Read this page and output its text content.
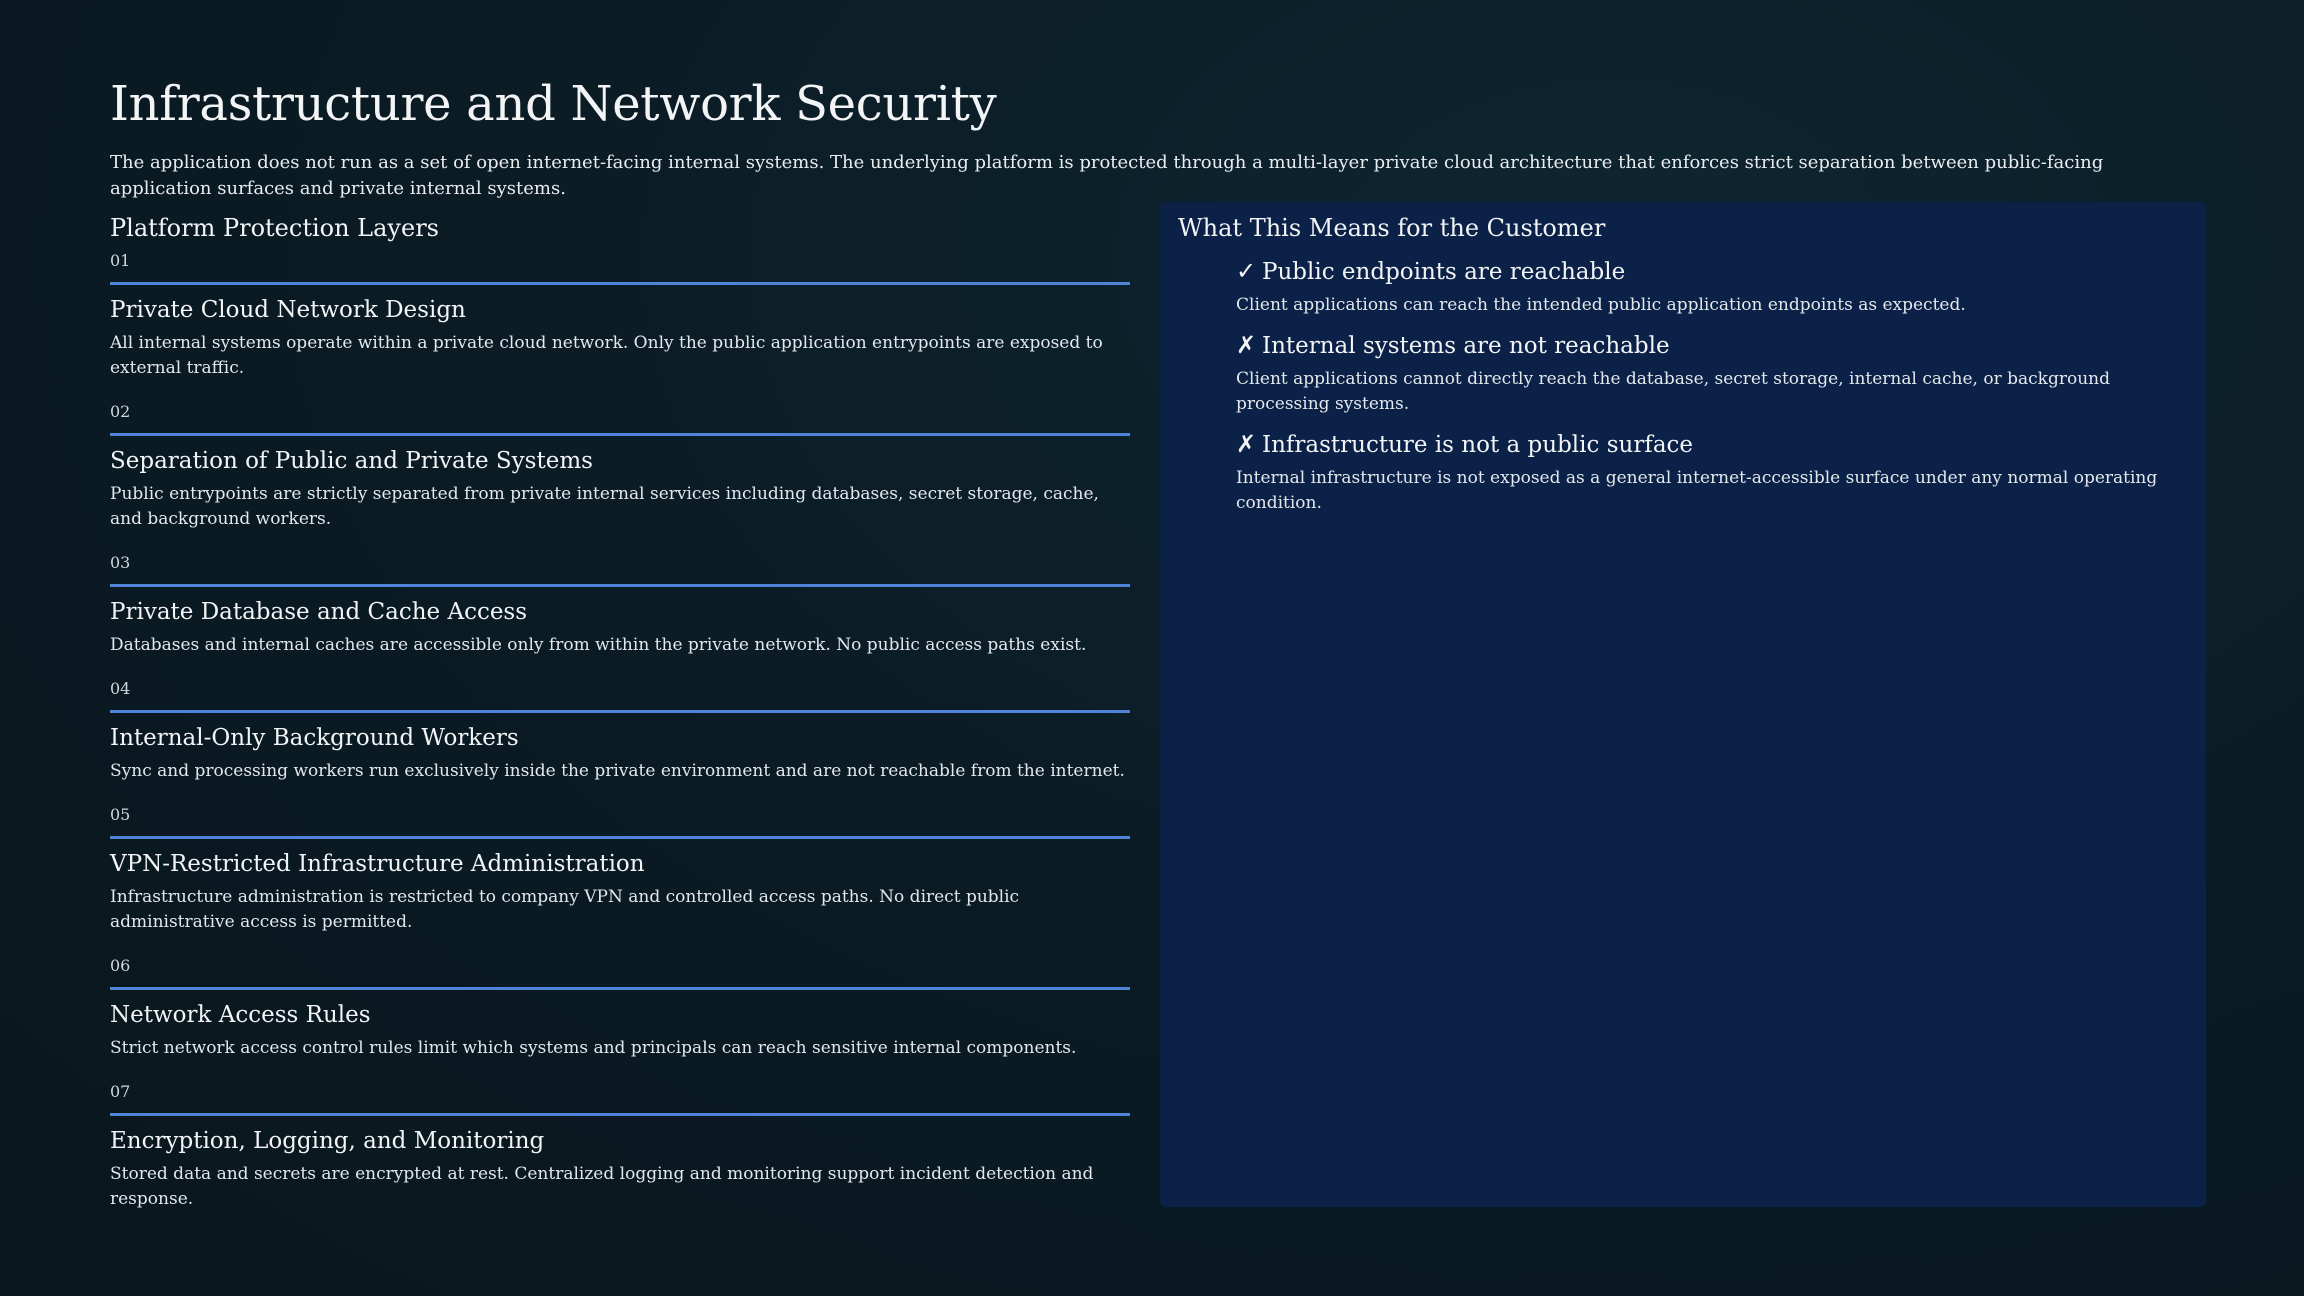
Infrastructure and Network Security

The application does not run as a set of open internet-facing internal systems. The underlying platform is protected through a multi-layer private cloud architecture that enforces strict separation between public-facing application surfaces and private internal systems.

Platform Protection Layers
01
Private Cloud Network Design
All internal systems operate within a private cloud network. Only the public application entrypoints are exposed to external traffic.
02
Separation of Public and Private Systems
Public entrypoints are strictly separated from private internal services including databases, secret storage, cache, and background workers.
03
Private Database and Cache Access
Databases and internal caches are accessible only from within the private network. No public access paths exist.
04
Internal-Only Background Workers
Sync and processing workers run exclusively inside the private environment and are not reachable from the internet.
05
VPN-Restricted Infrastructure Administration
Infrastructure administration is restricted to company VPN and controlled access paths. No direct public administrative access is permitted.
06
Network Access Rules
Strict network access control rules limit which systems and principals can reach sensitive internal components.
07
Encryption, Logging, and Monitoring
Stored data and secrets are encrypted at rest. Centralized logging and monitoring support incident detection and response.
What This Means for the Customer
✓ Public endpoints are reachable
Client applications can reach the intended public application endpoints as expected.
✗ Internal systems are not reachable
Client applications cannot directly reach the database, secret storage, internal cache, or background processing systems.
✗ Infrastructure is not a public surface
Internal infrastructure is not exposed as a general internet-accessible surface under any normal operating condition.
